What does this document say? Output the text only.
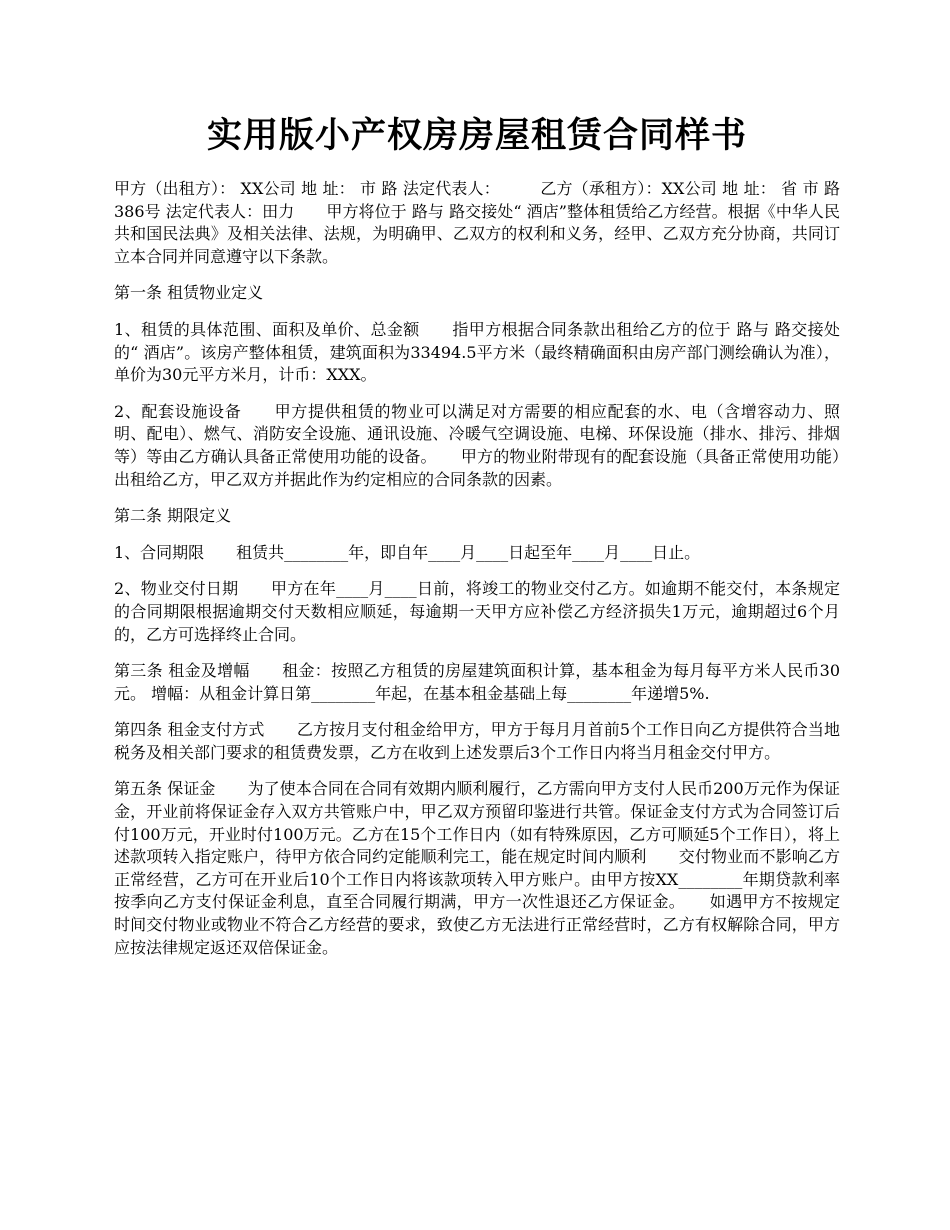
实用版小产权房房屋租赁合同样书

甲方（出租方）： XX公司 地 址： 市 路 法定代表人：　　　乙方（承租方）：XX公司 地 址： 省 市 路386号 法定代表人：田力　　甲方将位于 路与 路交接处“ 酒店”整体租赁给乙方经营。根据《中华人民共和国民法典》及相关法律、法规，为明确甲、乙双方的权利和义务，经甲、乙双方充分协商，共同订立本合同并同意遵守以下条款。

第一条 租赁物业定义

1、租赁的具体范围、面积及单价、总金额　　指甲方根据合同条款出租给乙方的位于 路与 路交接处的“ 酒店”。该房产整体租赁，建筑面积为33494.5平方米（最终精确面积由房产部门测绘确认为准），单价为30元平方米月，计币：XXX。

2、配套设施设备　　甲方提供租赁的物业可以满足对方需要的相应配套的水、电（含增容动力、照明、配电）、燃气、消防安全设施、通讯设施、冷暖气空调设施、电梯、环保设施（排水、排污、排烟等）等由乙方确认具备正常使用功能的设备。　　甲方的物业附带现有的配套设施（具备正常使用功能）出租给乙方，甲乙双方并据此作为约定相应的合同条款的因素。

第二条 期限定义

1、合同期限　　租赁共________年，即自年____月____日起至年____月____日止。

2、物业交付日期　　甲方在年____月____日前，将竣工的物业交付乙方。如逾期不能交付，本条规定的合同期限根据逾期交付天数相应顺延，每逾期一天甲方应补偿乙方经济损失1万元，逾期超过6个月的，乙方可选择终止合同。

第三条 租金及增幅　　租金：按照乙方租赁的房屋建筑面积计算，基本租金为每月每平方米人民币30元。 增幅：从租金计算日第________年起，在基本租金基础上每________年递增5%.

第四条 租金支付方式　　乙方按月支付租金给甲方，甲方于每月月首前5个工作日向乙方提供符合当地税务及相关部门要求的租赁费发票，乙方在收到上述发票后3个工作日内将当月租金交付甲方。

第五条 保证金　　为了使本合同在合同有效期内顺利履行，乙方需向甲方支付人民币200万元作为保证金，开业前将保证金存入双方共管账户中，甲乙双方预留印鉴进行共管。保证金支付方式为合同签订后付100万元，开业时付100万元。乙方在15个工作日内（如有特殊原因，乙方可顺延5个工作日），将上述款项转入指定账户，待甲方依合同约定能顺利完工，能在规定时间内顺利　　交付物业而不影响乙方正常经营，乙方可在开业后10个工作日内将该款项转入甲方账户。由甲方按XX________年期贷款利率按季向乙方支付保证金利息，直至合同履行期满，甲方一次性退还乙方保证金。　　如遇甲方不按规定时间交付物业或物业不符合乙方经营的要求，致使乙方无法进行正常经营时，乙方有权解除合同，甲方应按法律规定返还双倍保证金。
